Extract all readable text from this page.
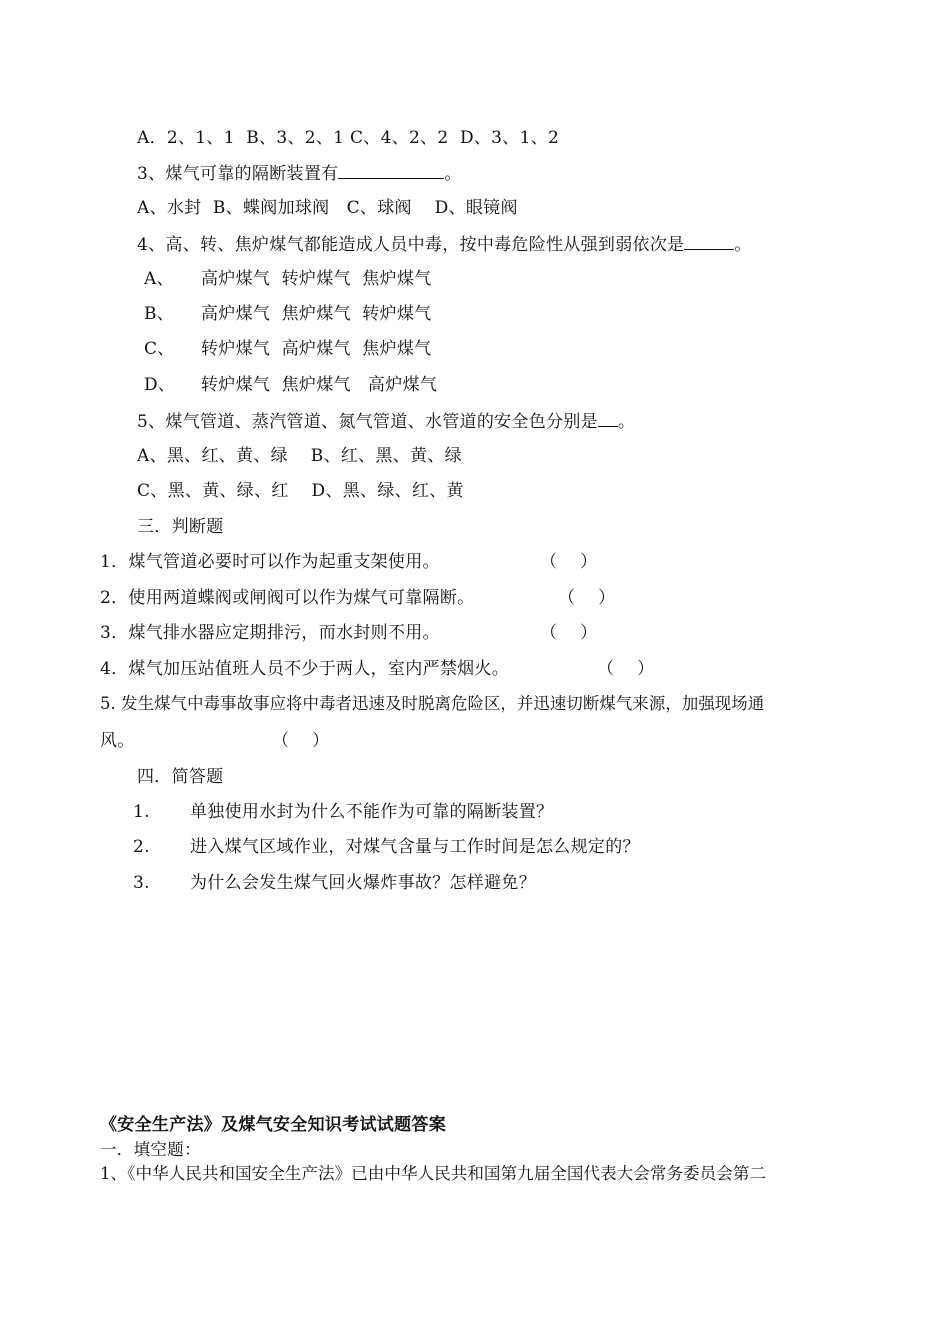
A．2、1、1  B、3、2、1 C、4、2、2  D、3、1、2
3、煤气可靠的隔断装置有	。
A、水封  B、蝶阀加球阀   C、球阀    D、眼镜阀
4、高、转、焦炉煤气都能造成人员中毒，按中毒危险性从强到弱依次是	。
A、 高炉煤气  转炉煤气  焦炉煤气
B、 高炉煤气  焦炉煤气  转炉煤气
C、 转炉煤气  高炉煤气  焦炉煤气
D、 转炉煤气  焦炉煤气   高炉煤气
5、煤气管道、蒸汽管道、氮气管道、水管道的安全色分别是 。
A、黑、红、黄、绿    B、红、黑、黄、绿
C、黑、黄、绿、红    D、黑、绿、红、黄
三．判断题
1．煤气管道必要时可以作为起重支架使用。	（    ）
2．使用两道蝶阀或闸阀可以作为煤气可靠隔断。	（    ）
3．煤气排水器应定期排污，而水封则不用。	（    ）
4．煤气加压站值班人员不少于两人，室内严禁烟火。	（    ）
5. 发生煤气中毒事故事应将中毒者迅速及时脱离危险区，并迅速切断煤气来源，加强现场通
风。	（    ）
四．简答题
1. 单独使用水封为什么不能作为可靠的隔断装置？
2. 进入煤气区域作业，对煤气含量与工作时间是怎么规定的？
3. 为什么会发生煤气回火爆炸事故？怎样避免？
《安全生产法》及煤气安全知识考试试题答案
一．填空题：
1、《中华人民共和国安全生产法》已由中华人民共和国第九届全国代表大会常务委员会第二
